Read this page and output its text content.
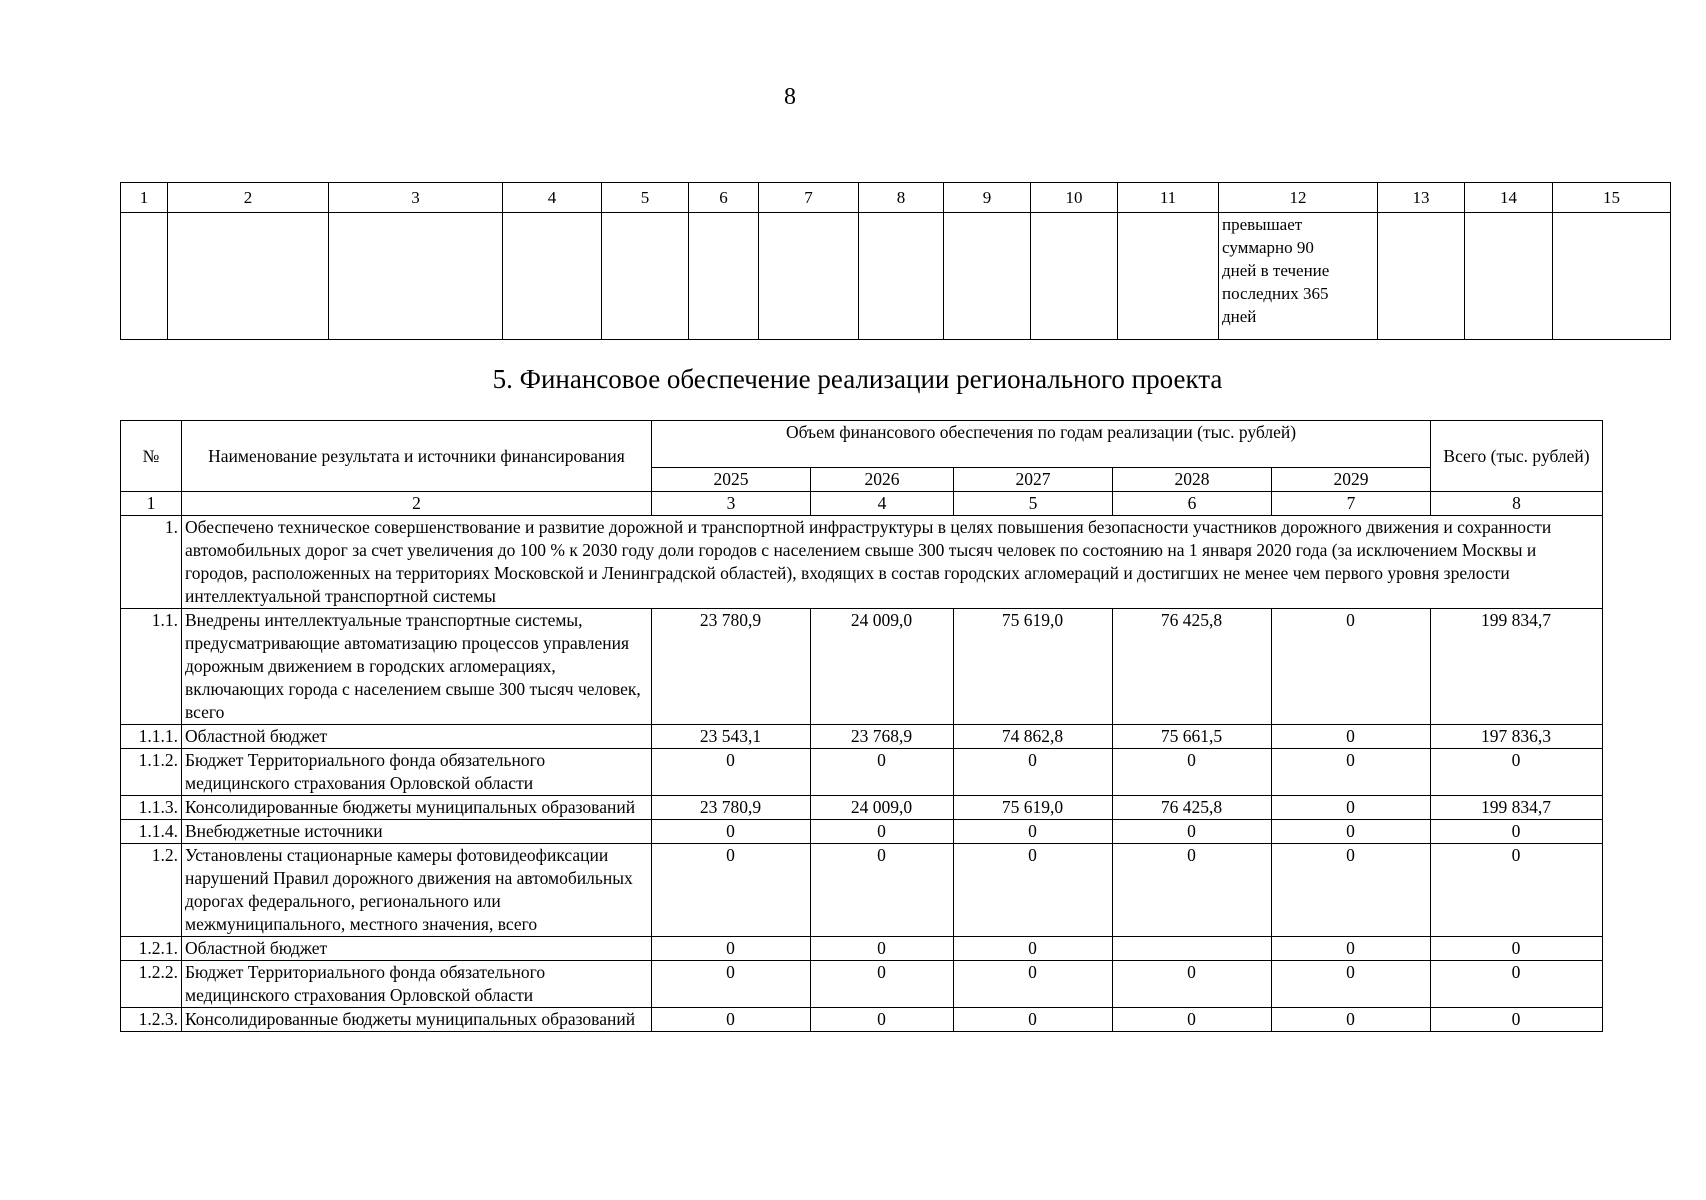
8
1	2	3	4	5	6	7	8	9	10	11	12	13	14	15

											превышает
суммарно 90
дней в течение
последних 365
дней			

5. Финансовое обеспечение реализации регионального проекта
№	Наименование результата и источники финансирования	Объем финансового обеспечения по годам реализации (тыс. рублей)					Всего (тыс. рублей)
		2025	2026	2027	2028	2029	
1	2	3	4	5	6	7	8
1.	Обеспечено техническое совершенствование и развитие дорожной и транспортной инфраструктуры в целях повышения безопасности участников дорожного движения и сохранности автомобильных дорог за счет увеличения до 100 % к 2030 году доли городов с населением свыше 300 тысяч человек по состоянию на 1 января 2020 года (за исключением Москвы и городов, расположенных на территориях Московской и Ленинградской областей), входящих в состав городских агломераций и достигших не менее чем первого уровня зрелости интеллектуальной транспортной системы						
1.1.	Внедрены интеллектуальные транспортные системы, предусматривающие автоматизацию процессов управления дорожным движением в городских агломерациях, включающих города с населением свыше 300 тысяч человек, всего	23 780,9	24 009,0	75 619,0	76 425,8	0	199 834,7
1.1.1.	Областной бюджет	23 543,1	23 768,9	74 862,8	75 661,5	0	197 836,3
1.1.2.	Бюджет Территориального фонда обязательного медицинского страхования Орловской области	0	0	0	0	0	0
1.1.3.	Консолидированные бюджеты муниципальных образований	23 780,9	24 009,0	75 619,0	76 425,8	0	199 834,7
1.1.4.	Внебюджетные источники	0	0	0	0	0	0
1.2.	Установлены стационарные камеры фотовидеофиксации нарушений Правил дорожного движения на автомобильных дорогах федерального, регионального или межмуниципального, местного значения, всего	0	0	0	0	0	0
1.2.1.	Областной бюджет	0	0	0		0	0
1.2.2.	Бюджет Территориального фонда обязательного медицинского страхования Орловской области	0	0	0	0	0	0
1.2.3.	Консолидированные бюджеты муниципальных образований	0	0	0	0	0	0
